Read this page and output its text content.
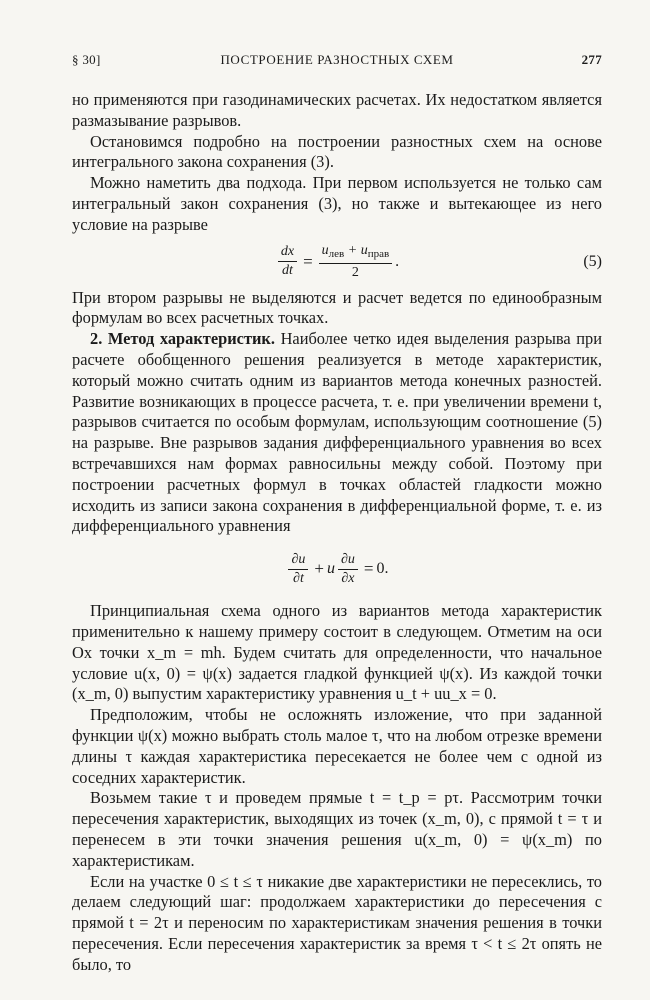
§ 30]	ПОСТРОЕНИЕ РАЗНОСТНЫХ СХЕМ	277

но применяются при газодинамических расчетах. Их недостатком является размазывание разрывов.

Остановимся подробно на построении разностных схем на основе интегрального закона сохранения (3).

Можно наметить два подхода. При первом используется не только сам интегральный закон сохранения (3), но также и вытекающее из него условие на разрыве

$\frac{dx}{dt} = \frac{u_{лев} + u_{прав}}{2}$ .	(5)

При втором разрывы не выделяются и расчет ведется по единообразным формулам во всех расчетных точках.

2. Метод характеристик. Наиболее четко идея выделения разрыва при расчете обобщенного решения реализуется в методе характеристик, который можно считать одним из вариантов метода конечных разностей. Развитие возникающих в процессе расчета, т. е. при увеличении времени t, разрывов считается по особым формулам, использующим соотношение (5) на разрыве. Вне разрывов задания дифференциального уравнения во всех встречавшихся нам формах равносильны между собой. Поэтому при построении расчетных формул в точках областей гладкости можно исходить из записи закона сохранения в дифференциальной форме, т. е. из дифференциального уравнения

$\frac{\partial u}{\partial t} + u \frac{\partial u}{\partial x} = 0$ .

Принципиальная схема одного из вариантов метода характеристик применительно к нашему примеру состоит в следующем. Отметим на оси Ox точки x_m = mh. Будем считать для определенности, что начальное условие u(x, 0) = ψ(x) задается гладкой функцией ψ(x). Из каждой точки (x_m, 0) выпустим характеристику уравнения u_t + uu_x = 0.

Предположим, чтобы не осложнять изложение, что при заданной функции ψ(x) можно выбрать столь малое τ, что на любом отрезке времени длины τ каждая характеристика пересекается не более чем с одной из соседних характеристик.

Возьмем такие τ и проведем прямые t = t_p = pτ. Рассмотрим точки пересечения характеристик, выходящих из точек (x_m, 0), с прямой t = τ и перенесем в эти точки значения решения u(x_m, 0) = ψ(x_m) по характеристикам.

Если на участке 0 ≤ t ≤ τ никакие две характеристики не пересеклись, то делаем следующий шаг: продолжаем характеристики до пересечения с прямой t = 2τ и переносим по характеристикам значения решения в точки пересечения. Если пересечения характеристик за время τ < t ≤ 2τ опять не было, то
